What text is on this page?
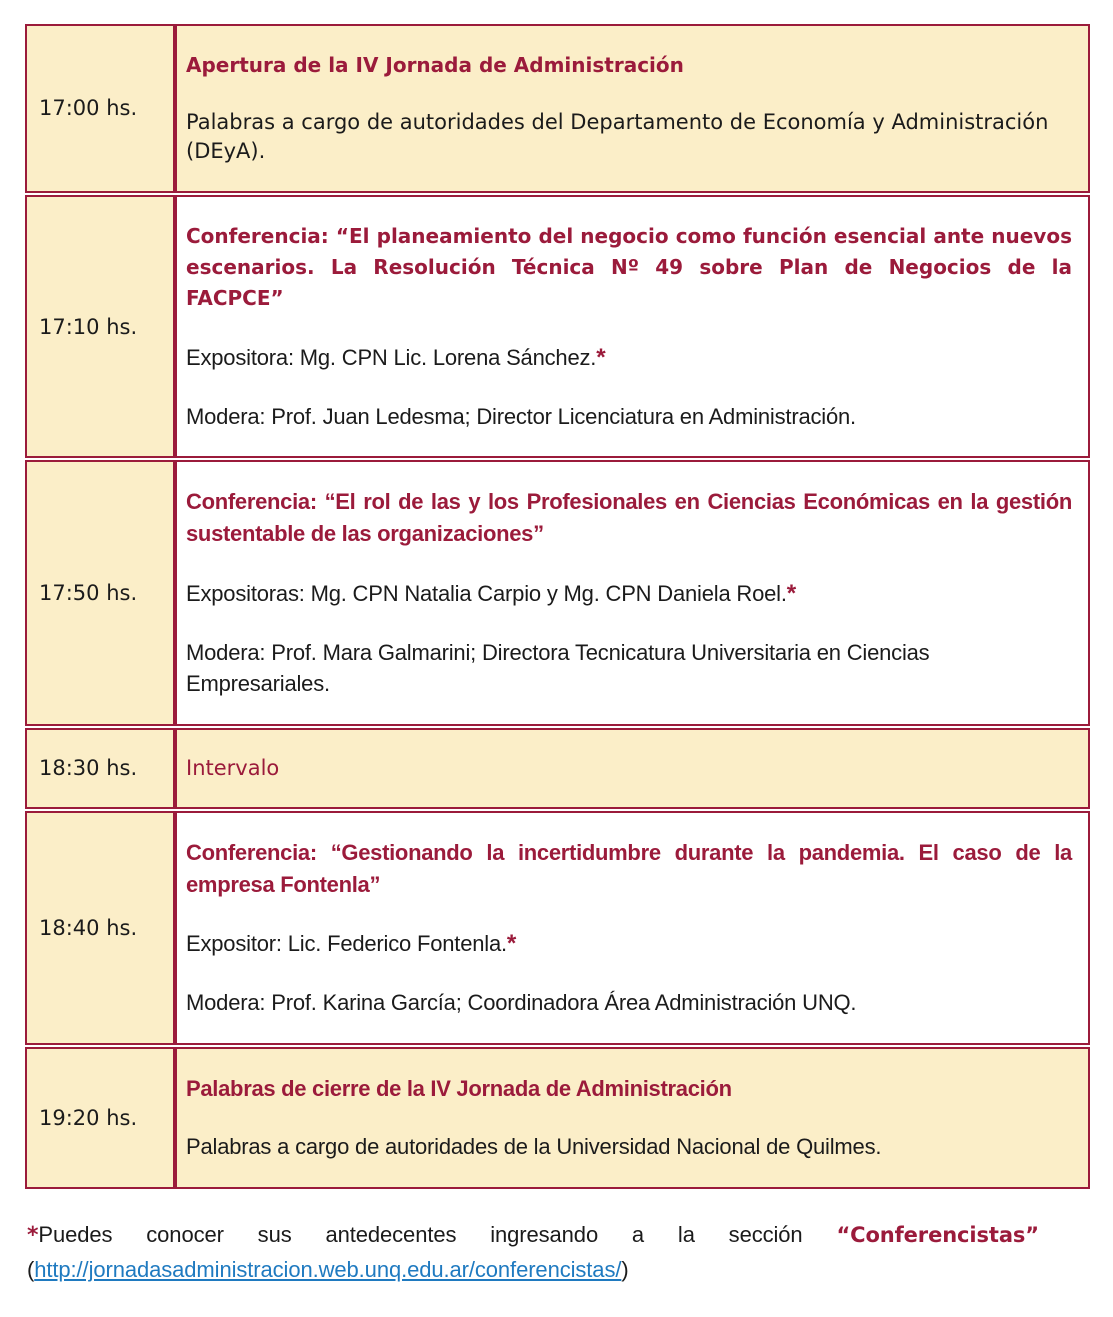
17:00 hs.	Apertura de la IV Jornada de Administración

Palabras a cargo de autoridades del Departamento de Economía y Administración (DEyA).

17:10 hs.	Conferencia: “El planeamiento del negocio como función esencial ante nuevos escenarios. La Resolución Técnica Nº 49 sobre Plan de Negocios de la FACPCE”

Expositora: Mg. CPN Lic. Lorena Sánchez.*

Modera: Prof. Juan Ledesma; Director Licenciatura en Administración.

17:50 hs.	Conferencia: “El rol de las y los Profesionales en Ciencias Económicas en la gestión sustentable de las organizaciones”

Expositoras: Mg. CPN Natalia Carpio y Mg. CPN Daniela Roel.*

Modera: Prof. Mara Galmarini; Directora Tecnicatura Universitaria en Ciencias Empresariales.

18:30 hs.	Intervalo

18:40 hs.	Conferencia: “Gestionando la incertidumbre durante la pandemia. El caso de la empresa Fontenla”

Expositor: Lic. Federico Fontenla.*

Modera: Prof. Karina García; Coordinadora Área Administración UNQ.

19:20 hs.	Palabras de cierre de la IV Jornada de Administración

Palabras a cargo de autoridades de la Universidad Nacional de Quilmes.

*Puedes conocer sus antedecentes ingresando a la sección “Conferencistas” (http://jornadasadministracion.web.unq.edu.ar/conferencistas/)
